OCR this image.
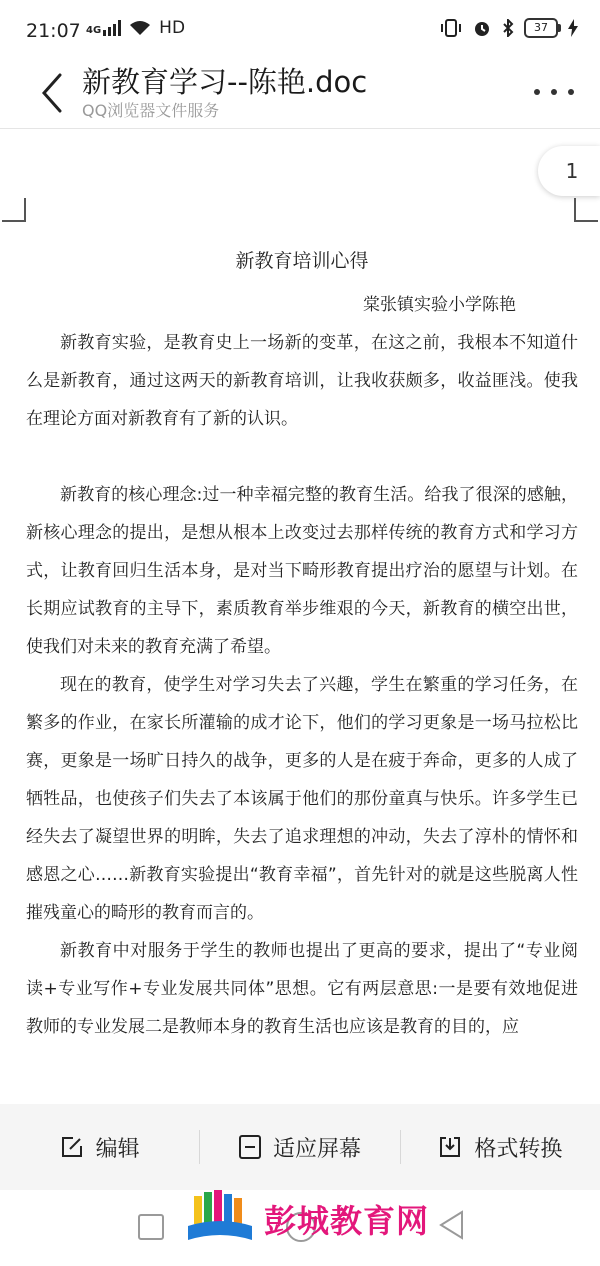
21:07 4G	HD	37
新教育学习--陈艳.doc
QQ浏览器文件服务
1
新教育培训心得
棠张镇实验小学陈艳

新教育实验，是教育史上一场新的变革，在这之前，我根本不知道什么是新教育，通过这两天的新教育培训，让我收获颇多，收益匪浅。使我在理论方面对新教育有了新的认识。

新教育的核心理念:过一种幸福完整的教育生活。给我了很深的感触，新核心理念的提出，是想从根本上改变过去那样传统的教育方式和学习方式，让教育回归生活本身，是对当下畸形教育提出疗治的愿望与计划。在长期应试教育的主导下，素质教育举步维艰的今天，新教育的横空出世，使我们对未来的教育充满了希望。

现在的教育，使学生对学习失去了兴趣，学生在繁重的学习任务，在繁多的作业，在家长所灌输的成才论下，他们的学习更象是一场马拉松比赛，更象是一场旷日持久的战争，更多的人是在疲于奔命，更多的人成了牺牲品，也使孩子们失去了本该属于他们的那份童真与快乐。许多学生已经失去了凝望世界的明眸，失去了追求理想的冲动，失去了淳朴的情怀和感恩之心……新教育实验提出“教育幸福”，首先针对的就是这些脱离人性摧残童心的畸形的教育而言的。

新教育中对服务于学生的教师也提出了更高的要求，提出了“专业阅读+专业写作+专业发展共同体”思想。它有两层意思:一是要有效地促进教师的专业发展二是教师本身的教育生活也应该是教育的目的，应

编辑	适应屏幕	格式转换
彭城教育网
